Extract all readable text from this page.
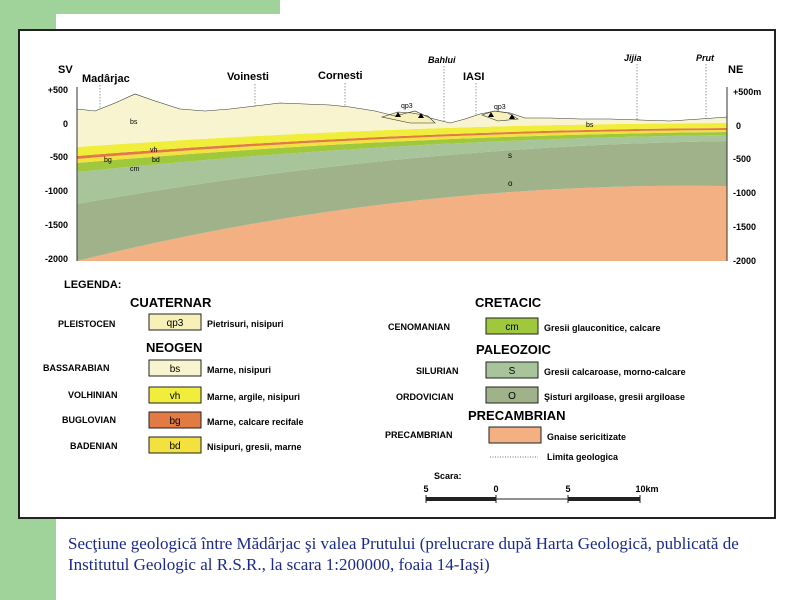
+500
0
-500
-1000
-1500
-2000
+500m
0
-500
-1000
-1500
-2000
SV	NE
Madârjac	Voinesti	Cornesti
Bahlui
IASI
Jijia	Prut
bs
vh
bg	bd
cm
s
o
qp3	qp3
bs
LEGENDA:
CUATERNAR
PLEISTOCEN	qp3	Pietrisuri, nisipuri
NEOGEN
BASSARABIAN	bs	Marne, nisipuri
VOLHINIAN	vh	Marne, argile, nisipuri
BUGLOVIAN	bg	Marne, calcare recifale
BADENIAN	bd	Nisipuri, gresii, marne
CRETACIC
CENOMANIAN	cm	Gresii glauconitice, calcare
PALEOZOIC
SILURIAN	S	Gresii calcaroase, morno-calcare
ORDOVICIAN	O	Şisturi argiloase, gresii argiloase
PRECAMBRIAN
PRECAMBRIAN	Gnaise sericitizate
Limita geologica
Scara:
5	0	5	10km

Secţiune geologică între Mădârjac şi valea Prutului (prelucrare după Harta Geologică, publicată de Institutul Geologic al R.S.R., la scara 1:200000, foaia 14-Iaşi)
